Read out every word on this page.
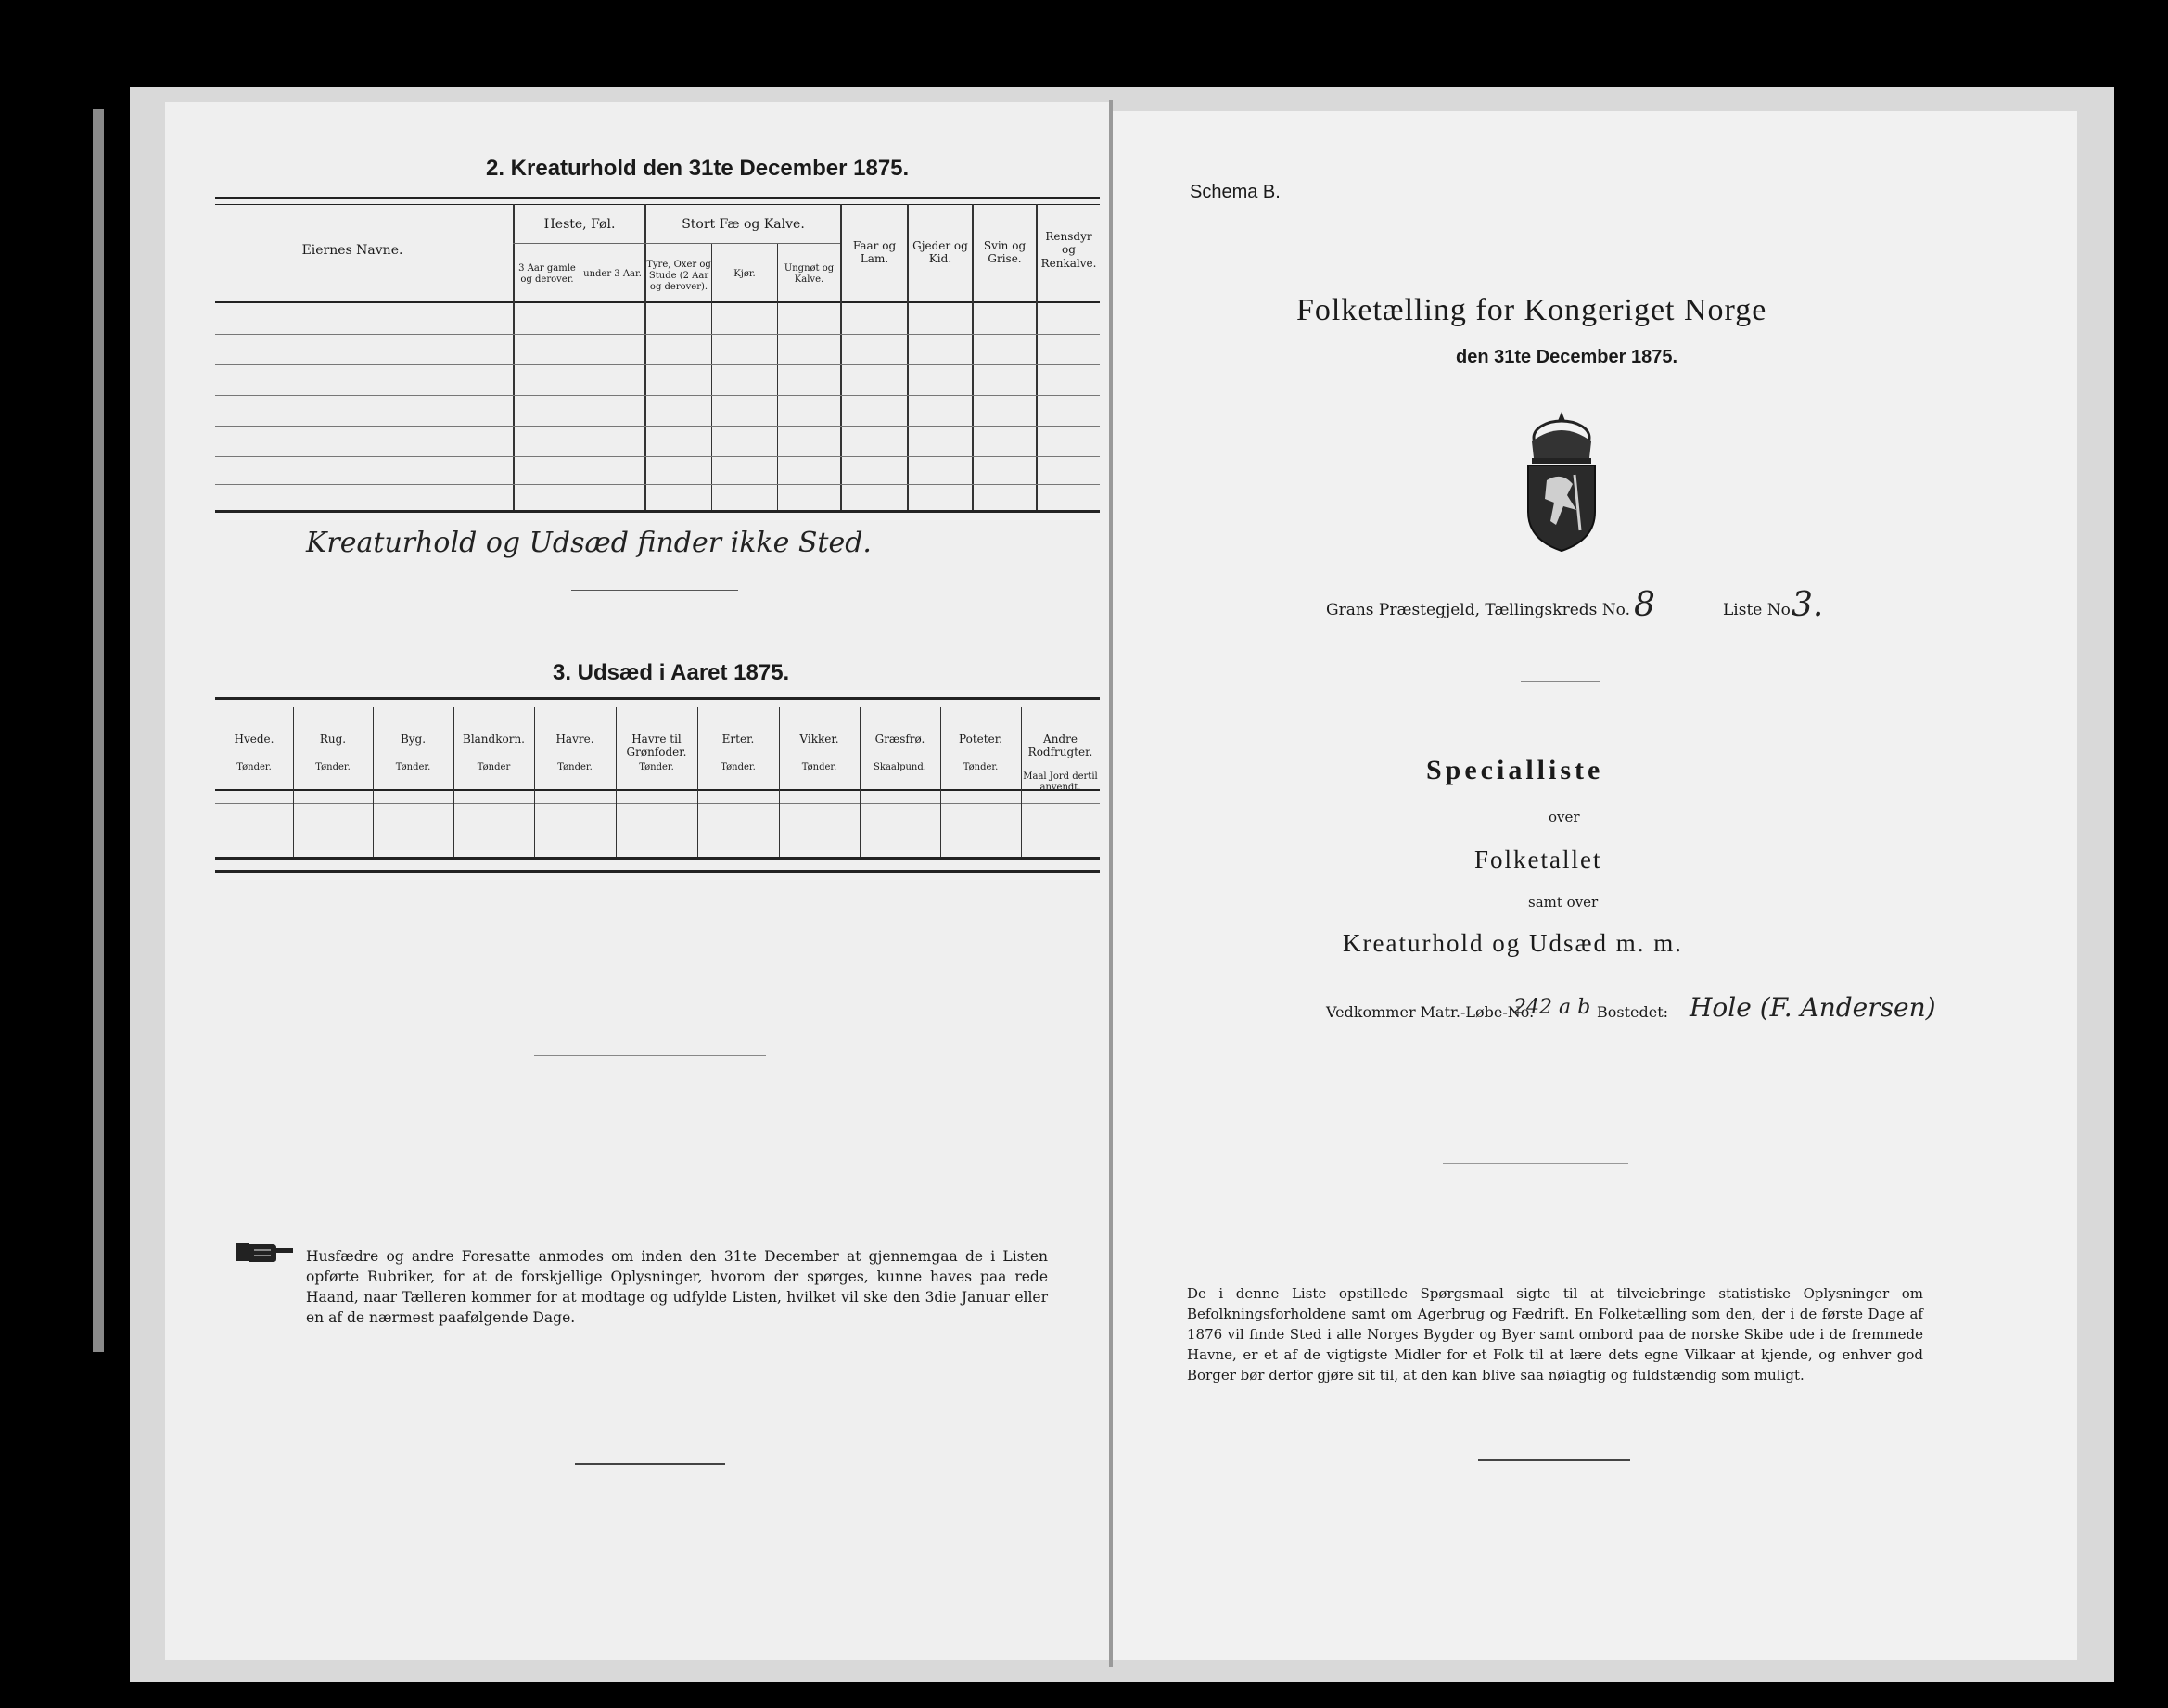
2. Kreaturhold den 31te December 1875.
Eiernes Navne.
Heste, Føl.	Stort Fæ og Kalve.
3 Aar gamle og derover.
under 3 Aar.
Tyre, Oxer og Stude (2 Aar og derover).
Kjør.
Ungnøt og Kalve.
Faar og Lam.
Gjeder og Kid.
Svin og Grise.
Rensdyr og Renkalve.
Kreaturhold og Udsæd finder ikke Sted.
3. Udsæd i Aaret 1875.
Hvede.
Tønder.
Rug.
Tønder.
Byg.
Tønder.
Blandkorn.
Tønder
Havre.
Tønder.
Havre til Grønfoder.
Tønder.
Erter.
Tønder.
Vikker.
Tønder.
Græsfrø.
Skaalpund.
Poteter.
Tønder.
Andre Rodfrugter.
Maal Jord dertil anvendt.
Husfædre og andre Foresatte anmodes om inden den 31te December at gjennemgaa de i Listen opførte Rubriker, for at de forskjellige Oplysninger, hvorom der spørges, kunne haves paa rede Haand, naar Tælleren kommer for at modtage og udfylde Listen, hvilket vil ske den 3die Januar eller en af de nærmest paafølgende Dage.
Schema B.
Folketælling for Kongeriget Norge
den 31te December 1875.
Grans Præstegjeld, Tællingskreds No. 8	Liste No.
3.
Specialliste
over
Folketallet
samt over
Kreaturhold og Udsæd m. m.
Vedkommer Matr.-Løbe-No.
242 a b Bostedet: Hole (F. Andersen)
De i denne Liste opstillede Spørgsmaal sigte til at tilveiebringe statistiske Oplysninger om Befolkningsforholdene samt om Agerbrug og Fædrift. En Folketælling som den, der i de første Dage af 1876 vil finde Sted i alle Norges Bygder og Byer samt ombord paa de norske Skibe ude i de fremmede Havne, er et af de vigtigste Midler for et Folk til at lære dets egne Vilkaar at kjende, og enhver god Borger bør derfor gjøre sit til, at den kan blive saa nøiagtig og fuldstændig som muligt.
